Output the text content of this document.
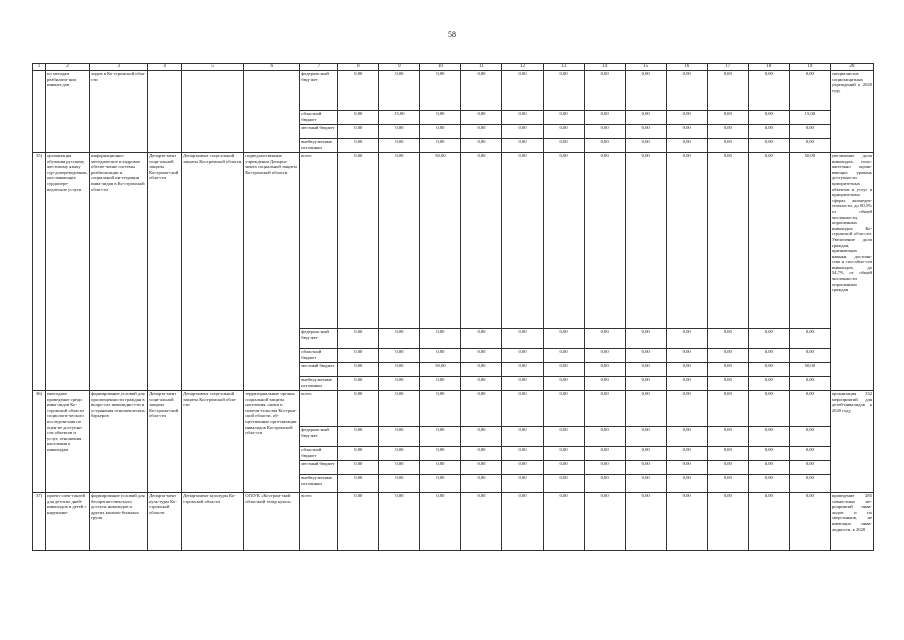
58
1	2	3	4	5	6	7	8	9	10	11	12	13	14	15	16	17	18	19	20
	по методам реабилита-ции инвали-дов	лидов в Ко-стромской обла-сти				федераль-ный бюд-жет	0,00	0,00	0,00	0,00	0,00	0,00	0,00	0,00	0,00	0,00	0,00	0,00	специалистов социозащитных учреждений к 2020 году
						областной бюджет	0,00	15,00	0,00	0,00	0,00	0,00	0,00	0,00	0,00	0,00	0,00	15,00	
						местный бюджет	0,00	0,00	0,00	0,00	0,00	0,00	0,00	0,00	0,00	0,00	0,00	0,00	
						внебюд-жетные источники	0,00	0,00	0,00	0,00	0,00	0,00	0,00	0,00	0,00	0,00	0,00	0,00	
35)	организация обучения русскому жестовому языку сур-допереводчиков, ока-зывающих сурдопере-водческие услуги	информационно-методическое и кадровое обеспе-чение системы реабилитации и социальной ин-теграции инва-лидов в Ко-стромской обла-сти	Департа-мент соци-альной защиты Кострома-ской обла-сти	Департамент соци-альной защиты Костромской области	подведомственные учреждения Департа-мента социальной защиты Костромской области	всего	0,00	0,00	50,00	0,00	0,00	0,00	0,00	0,00	0,00	0,00	0,00	50,00	увеличение доли инвалидов, поло-жительно оцени-вающих уровень доступности приоритетных объектов и услуг в приоритетных сферах жизнедея-тельности, до 60,5% от общей численности, опрошенных инвалидов Ко-стромской обла-сти. Увеличение доли граждан, признающих навыки, достоин-ства и способно-сти инвалидов, до 54,7% от общей численности опрошенных граждан
						федераль-ный бюд-жет	0,00	0,00	0,00	0,00	0,00	0,00	0,00	0,00	0,00	0,00	0,00	0,00	
						областной бюджет	0,00	0,00	0,00	0,00	0,00	0,00	0,00	0,00	0,00	0,00	0,00	0,00	
						местный бюджет	0,00	0,00	50,00	0,00	0,00	0,00	0,00	0,00	0,00	0,00	0,00	50,00	
						внебюд-жетные источники	0,00	0,00	0,00	0,00	0,00	0,00	0,00	0,00	0,00	0,00	0,00	0,00	
36)	ежегодное проведение среди инва-лидов Ко-стромской области социологи-ческого исследова-ния по оцен-ке доступно-сти объектов и услуг, отношения населения к инвалидам	формирование условий для просвещенности граждан в вопро-сах инвалидно-сти и устранения отношенческих барьеров	Департа-мент соци-альной защиты Кострома-ской обла-сти	Департамент соци-альной защиты Костромской обла-сти	территориальные органы социальной защиты населения, опеки и попечи-тельства Костром-ской области, об-щественные орга-низации инвалидов Костромской обла-сти	всего	0,00	0,00	0,00	0,00	0,00	0,00	0,00	0,00	0,00	0,00	0,00	0,00	организация 332 мероприятий для детей-инвалидов к 2020 году
						федераль-ный бюд-жет	0,00	0,00	0,00	0,00	0,00	0,00	0,00	0,00	0,00	0,00	0,00	0,00	
						областной бюджет	0,00	0,00	0,00	0,00	0,00	0,00	0,00	0,00	0,00	0,00	0,00	0,00	
						местный бюджет	0,00	0,00	0,00	0,00	0,00	0,00	0,00	0,00	0,00	0,00	0,00	0,00	
						внебюд-жетные источники	0,00	0,00	0,00	0,00	0,00	0,00	0,00	0,00	0,00	0,00	0,00	0,00	
37)	проект спек-таклей для детских дней-инвалидов и детей с нарушени-	формирование условий для беспрепятствен-ного доступа инвалидов и других маломо-бильных групп	Департа-мент куль-туры Ко-стромской области	Департамент культуры Ко-стромской области	ОГБУК «Костром-ской областной театр кукол»	всего	0,00	0,00	0,00	0,00	0,00	0,00	0,00	0,00	0,00	0,00	0,00	0,00	проведение 285 совместных ме-роприятий инва-лидов и их сверстников, не имеющих инва-лидности, к 2020
